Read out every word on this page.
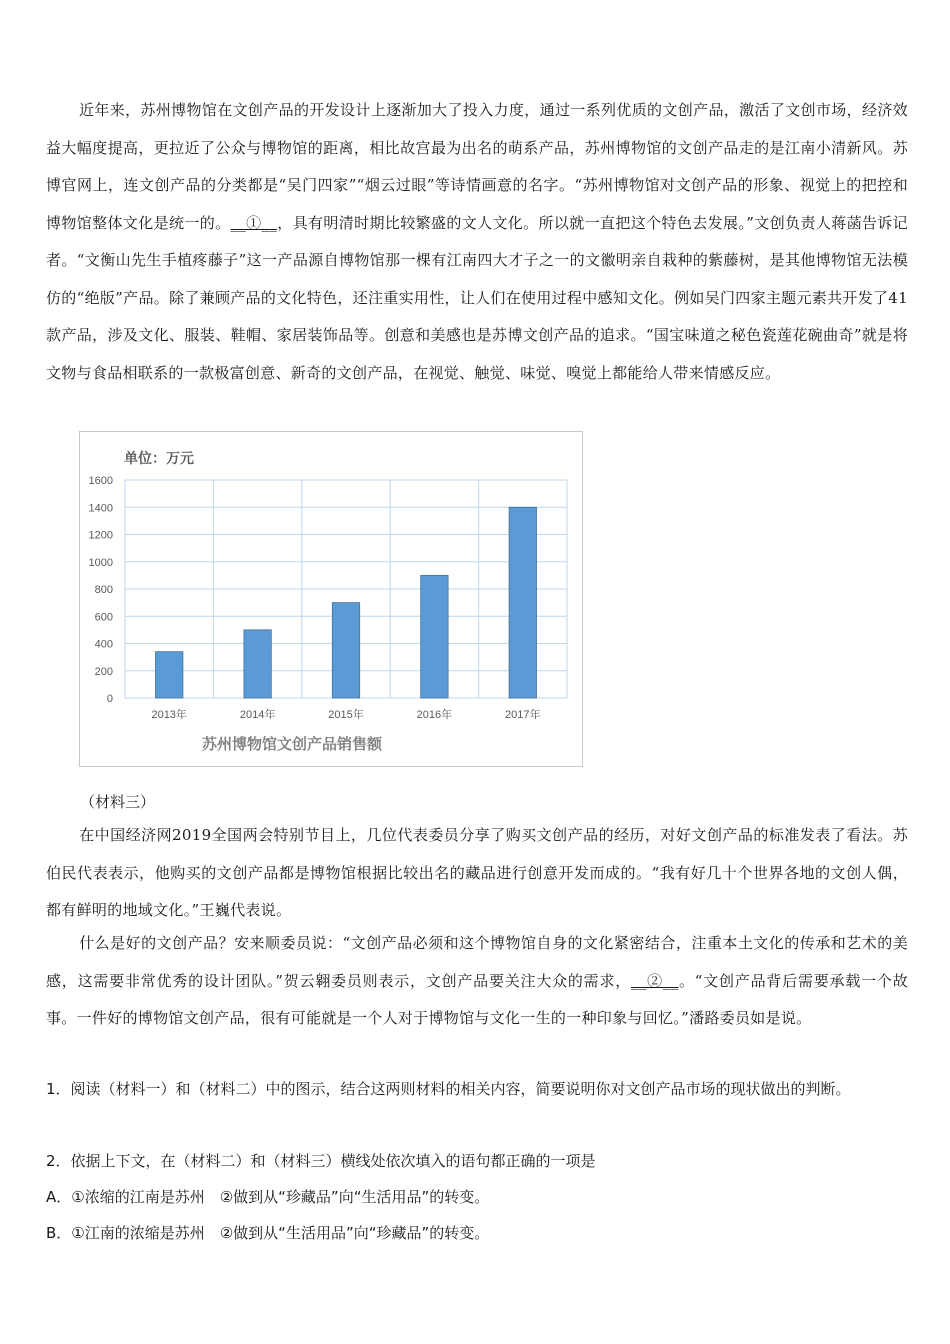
近年来，苏州博物馆在文创产品的开发设计上逐渐加大了投入力度，通过一系列优质的文创产品，激活了文创市场，经济效益大幅度提高，更拉近了公众与博物馆的距离，相比故宫最为出名的萌系产品，苏州博物馆的文创产品走的是江南小清新风。苏博官网上，连文创产品的分类都是“吴门四家”“烟云过眼”等诗情画意的名字。“苏州博物馆对文创产品的形象、视觉上的把控和博物馆整体文化是统一的。__①__，具有明清时期比较繁盛的文人文化。所以就一直把这个特色去发展。”文创负责人蒋菡告诉记者。“文衡山先生手植疼藤子”这一产品源自博物馆那一棵有江南四大才子之一的文徽明亲自栽种的紫藤树，是其他博物馆无法模仿的“绝版”产品。除了兼顾产品的文化特色，还注重实用性，让人们在使用过程中感知文化。例如吴门四家主题元素共开发了41款产品，涉及文化、服装、鞋帽、家居装饰品等。创意和美感也是苏博文创产品的追求。“国宝味道之秘色瓷莲花碗曲奇”就是将文物与食品相联系的一款极富创意、新奇的文创产品，在视觉、触觉、味觉、嗅觉上都能给人带来情感反应。

单位：万元
0
200
400
600
800
1000
1200
1400
1600
2013年	2014年	2015年	2016年	2017年
苏州博物馆文创产品销售额

（材料三）

在中国经济网2019全国两会特别节目上，几位代表委员分享了购买文创产品的经历，对好文创产品的标准发表了看法。苏伯民代表表示，他购买的文创产品都是博物馆根据比较出名的藏品进行创意开发而成的。“我有好几十个世界各地的文创人偶，都有鲜明的地域文化。”王巍代表说。

什么是好的文创产品？安来顺委员说：“文创产品必须和这个博物馆自身的文化紧密结合，注重本土文化的传承和艺术的美感，这需要非常优秀的设计团队。”贺云翱委员则表示，文创产品要关注大众的需求，__②__。“文创产品背后需要承载一个故事。一件好的博物馆文创产品，很有可能就是一个人对于博物馆与文化一生的一种印象与回忆。”潘路委员如是说。

1．阅读（材料一）和（材料二）中的图示，结合这两则材料的相关内容，简要说明你对文创产品市场的现状做出的判断。

2．依据上下文，在（材料二）和（材料三）横线处依次填入的语句都正确的一项是

A．①浓缩的江南是苏州　②做到从“珍藏品”向“生活用品”的转变。

B．①江南的浓缩是苏州　②做到从“生活用品”向“珍藏品”的转变。
